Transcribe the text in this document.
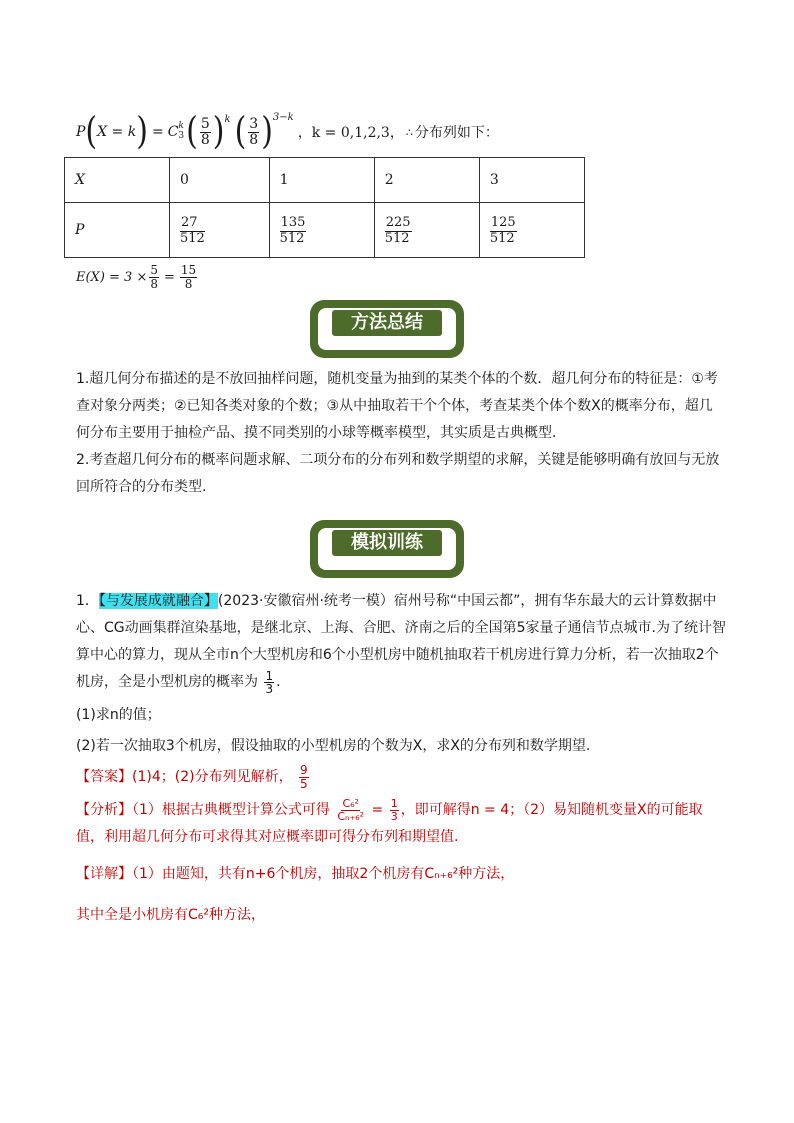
P ( X = k ) = C k
3 ( $\frac{5}{8}$ ) k ( $\frac{3}{8}$ ) 3−k
，k = 0,1,2,3， ∴ 分布列如下：
X	0	1	2	3
P	$\frac{27}{512}$	$\frac{135}{512}$	$\frac{225}{512}$	$\frac{125}{512}$
$E(X) = 3 \times \frac{5}{8} = \frac{15}{8}$
方法总结

1.超几何分布描述的是不放回抽样问题，随机变量为抽到的某类个体的个数．超几何分布的特征是：①考查对象分两类；②已知各类对象的个数；③从中抽取若干个个体，考查某类个体个数X的概率分布，超几何分布主要用于抽检产品、摸不同类别的小球等概率模型，其实质是古典概型．

2.考查超几何分布的概率问题求解、二项分布的分布列和数学期望的求解，关键是能够明确有放回与无放回所符合的分布类型.

模拟训练

1．【与发展成就融合】(2023·安徽宿州·统考一模）宿州号称“中国云都”，拥有华东最大的云计算数据中心、CG动画集群渲染基地，是继北京、上海、合肥、济南之后的全国第5家量子通信节点城市.为了统计智算中心的算力，现从全市n个大型机房和6个小型机房中随机抽取若干机房进行算力分析，若一次抽取2个机房，全是小型机房的概率为 $\frac{1}{3}$ .

(1)求n的值；

(2)若一次抽取3个机房，假设抽取的小型机房的个数为X，求X的分布列和数学期望.

【答案】(1)4；(2)分布列见解析， $\frac{9}{5}$

【分析】（1）根据古典概型计算公式可得 $\frac{\text{C₆²}}{\text{Cₙ₊₆²}} = \frac{1}{3}$ ，即可解得n = 4；（2）易知随机变量X的可能取值，利用超几何分布可求得其对应概率即可得分布列和期望值.

【详解】（1）由题知，共有n+6个机房，抽取2个机房有Cₙ₊₆²种方法，

其中全是小机房有C₆²种方法，
